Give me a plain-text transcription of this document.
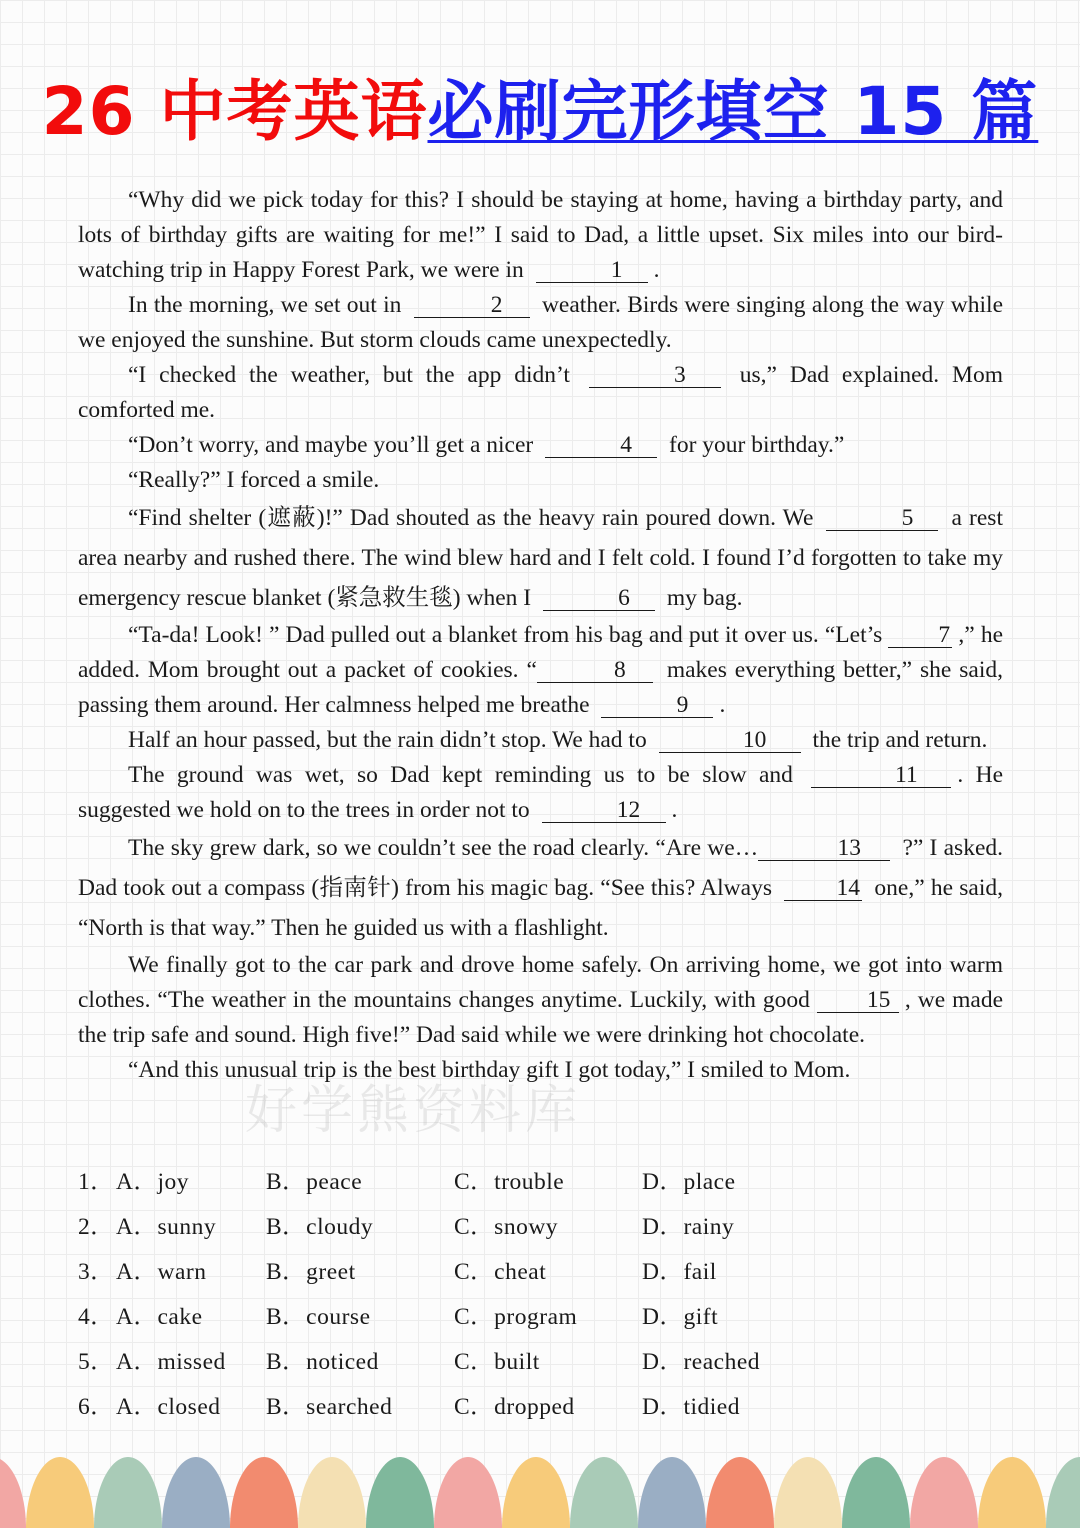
26 中考英语必刷完形填空 15 篇
好学熊资料库

“Why did we pick today for this? I should be staying at home, having a birthday party, and lots of birthday gifts are waiting for me!” I said to Dad, a little upset. Six miles into our bird-watching trip in Happy Forest Park, we were in	1 .

In the morning, we set out in	2 weather. Birds were singing along the way while we enjoyed the sunshine. But storm clouds came unexpectedly.

“I checked the weather, but the app didn’t	3 us,” Dad explained. Mom comforted me.

“Don’t worry, and maybe you’ll get a nicer	4 for your birthday.”

“Really?” I forced a smile.

“Find shelter (遮蔽)!” Dad shouted as the heavy rain poured down. We	5 a rest area nearby and rushed there. The wind blew hard and I felt cold. I found I’d forgotten to take my emergency rescue blanket (紧急救生毯) when I	6 my bag.

“Ta-da! Look! ” Dad pulled out a blanket from his bag and put it over us. “Let’s 7 ,” he added. Mom brought out a packet of cookies. “	8 makes everything better,” she said, passing them around. Her calmness helped me breathe	9 .

Half an hour passed, but the rain didn’t stop. We had to	10 the trip and return.

The ground was wet, so Dad kept reminding us to be slow and	11 . He suggested we hold on to the trees in order not to	12 .

The sky grew dark, so we couldn’t see the road clearly. “Are we…	13 ?” I asked. Dad took out a compass (指南针) from his magic bag. “See this? Always	14 one,” he said, “North is that way.” Then he guided us with a flashlight.

We finally got to the car park and drove home safely. On arriving home, we got into warm clothes. “The weather in the mountains changes anytime. Luckily, with good 15 , we made the trip safe and sound. High five!” Dad said while we were drinking hot chocolate.

“And this unusual trip is the best birthday gift I got today,” I smiled to Mom.

1． A．joy	B．peace	C．trouble	D．place
2． A．sunny B．cloudy	C．snowy	D．rainy
3． A．warn	B．greet	C．cheat	D．fail
4． A．cake	B．course	C．program	D．gift
5． A．missed B．noticed	C．built	D．reached
6． A．closed B．searched	C．dropped	D．tidied
